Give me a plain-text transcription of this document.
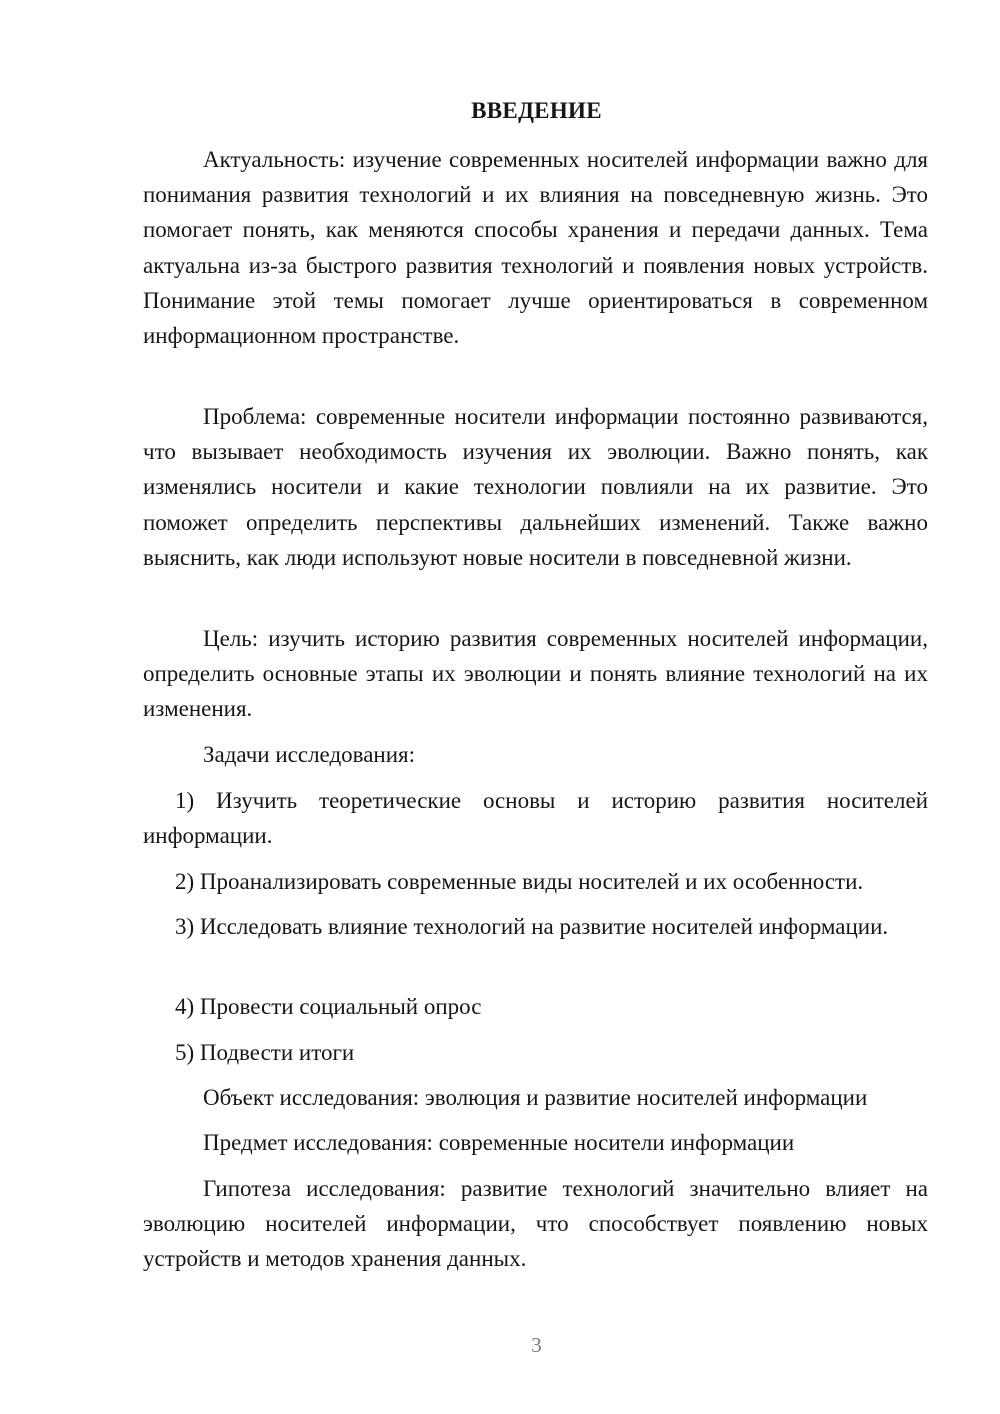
ВВЕДЕНИЕ

Актуальность: изучение современных носителей информации важно для понимания развития технологий и их влияния на повседневную жизнь. Это помогает понять, как меняются способы хранения и передачи данных. Тема актуальна из-за быстрого развития технологий и появления новых устройств. Понимание этой темы помогает лучше ориентироваться в современном информационном пространстве.

Проблема: современные носители информации постоянно развиваются, что вызывает необходимость изучения их эволюции. Важно понять, как изменялись носители и какие технологии повлияли на их развитие. Это поможет определить перспективы дальнейших изменений. Также важно выяснить, как люди используют новые носители в повседневной жизни.

Цель: изучить историю развития современных носителей информации, определить основные этапы их эволюции и понять влияние технологий на их изменения.

Задачи исследования:

1) Изучить теоретические основы и историю развития носителей информации.

2) Проанализировать современные виды носителей и их особенности.

3) Исследовать влияние технологий на развитие носителей информации.

4) Провести социальный опрос

5) Подвести итоги

Объект исследования: эволюция и развитие носителей информации

Предмет исследования: современные носители информации

Гипотеза исследования: развитие технологий значительно влияет на эволюцию носителей информации, что способствует появлению новых устройств и методов хранения данных.

3
